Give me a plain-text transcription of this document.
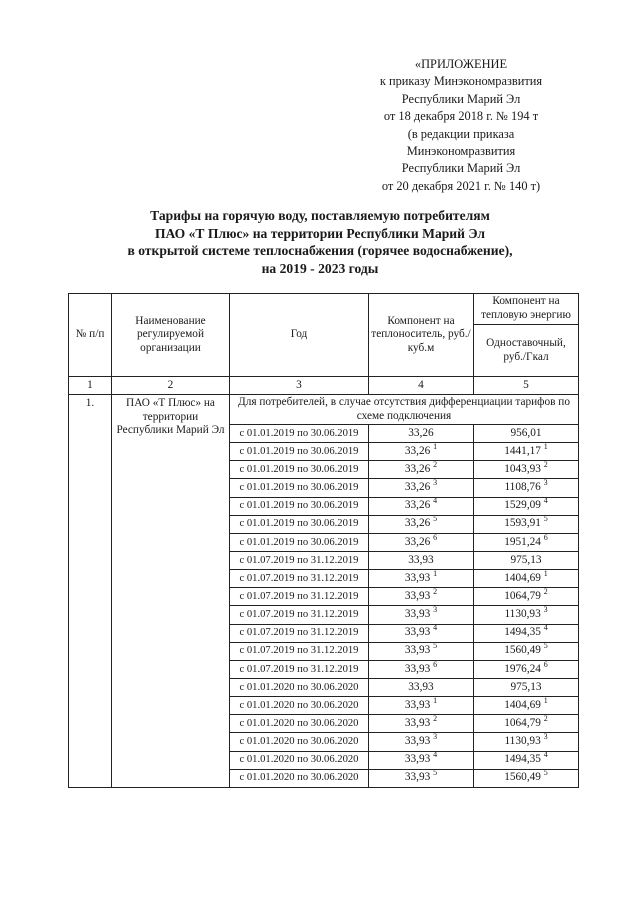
«ПРИЛОЖЕНИЕ
к приказу Минэкономразвития
Республики Марий Эл
от 18 декабря 2018 г. № 194 т
(в редакции приказа
Минэкономразвития
Республики Марий Эл
от 20 декабря 2021 г. № 140 т)
Тарифы на горячую воду, поставляемую потребителям
ПАО «Т Плюс» на территории Республики Марий Эл
в открытой системе теплоснабжения (горячее водоснабжение),
на 2019 - 2023 годы
№ п/п	Наименование регулируемой организации	Год	Компонент на теплоноситель, руб./куб.м	Компонент на тепловую энергию
				Одноставочный, руб./Гкал
1	2	3	4	5
1.	ПАО «Т Плюс» на территории Республики Марий Эл	Для потребителей, в случае отсутствия дифференциации тарифов по схеме подключения		
		с 01.01.2019 по 30.06.2019	33,26	956,01
		с 01.01.2019 по 30.06.2019	33,26 $^1$	1441,17 $^1$
		с 01.01.2019 по 30.06.2019	33,26 $^2$	1043,93 $^2$
		с 01.01.2019 по 30.06.2019	33,26 $^3$	1108,76 $^3$
		с 01.01.2019 по 30.06.2019	33,26 $^4$	1529,09 $^4$
		с 01.01.2019 по 30.06.2019	33,26 $^5$	1593,91 $^5$
		с 01.01.2019 по 30.06.2019	33,26 $^6$	1951,24 $^6$
		с 01.07.2019 по 31.12.2019	33,93	975,13
		с 01.07.2019 по 31.12.2019	33,93 $^1$	1404,69 $^1$
		с 01.07.2019 по 31.12.2019	33,93 $^2$	1064,79 $^2$
		с 01.07.2019 по 31.12.2019	33,93 $^3$	1130,93 $^3$
		с 01.07.2019 по 31.12.2019	33,93 $^4$	1494,35 $^4$
		с 01.07.2019 по 31.12.2019	33,93 $^5$	1560,49 $^5$
		с 01.07.2019 по 31.12.2019	33,93 $^6$	1976,24 $^6$
		с 01.01.2020 по 30.06.2020	33,93	975,13
		с 01.01.2020 по 30.06.2020	33,93 $^1$	1404,69 $^1$
		с 01.01.2020 по 30.06.2020	33,93 $^2$	1064,79 $^2$
		с 01.01.2020 по 30.06.2020	33,93 $^3$	1130,93 $^3$
		с 01.01.2020 по 30.06.2020	33,93 $^4$	1494,35 $^4$
		с 01.01.2020 по 30.06.2020	33,93 $^5$	1560,49 $^5$
